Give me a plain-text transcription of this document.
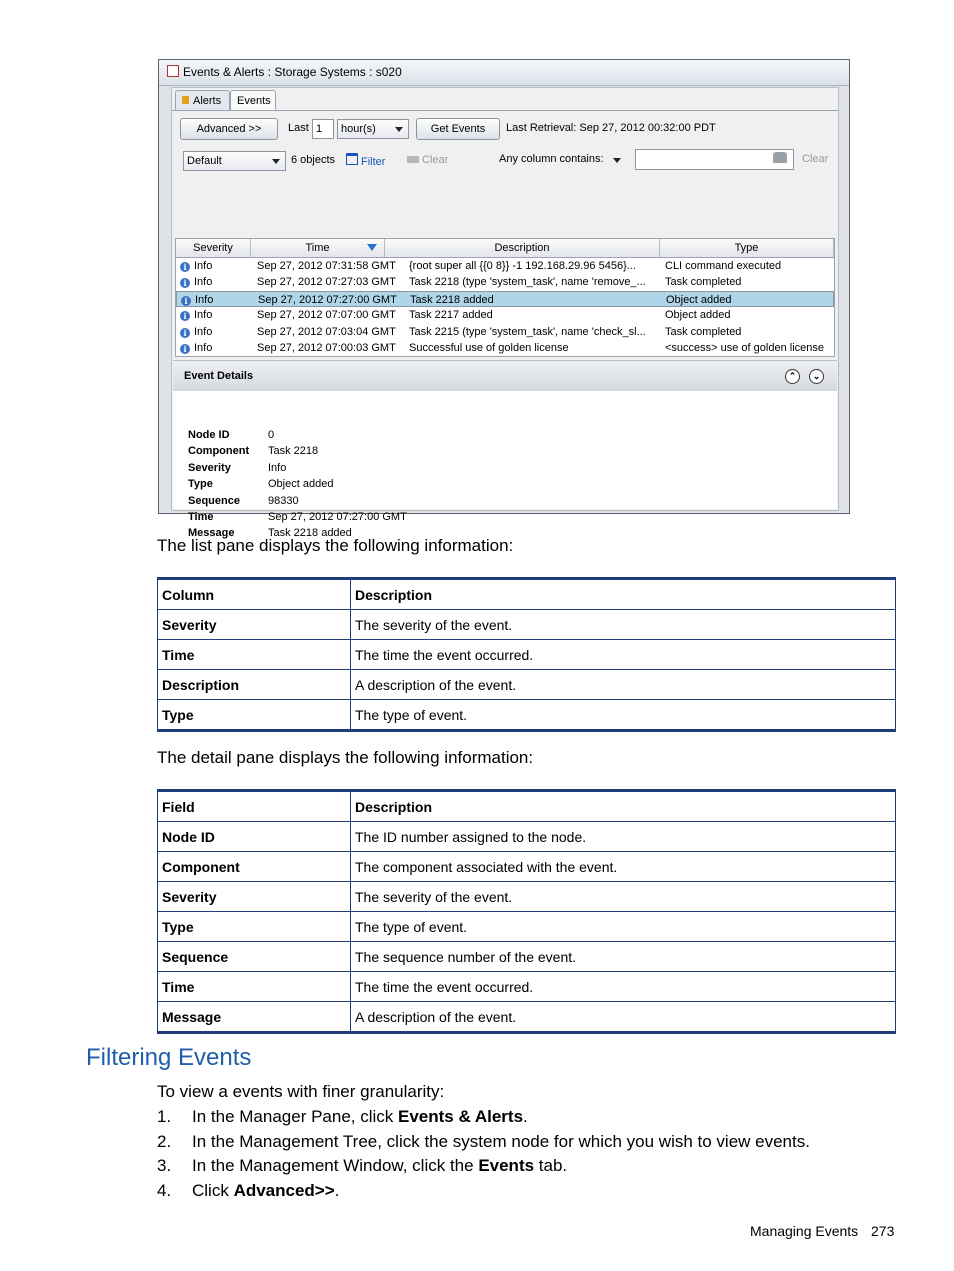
Events & Alerts : Storage Systems : s020
Alerts	Events
Advanced >>	Last 1	hour(s)	Get Events	Last Retrieval: Sep 27, 2012 00:32:00 PDT
Default	6 objects	Filter	Clear	Any column contains:	Clear
Severity	Time	Description	Type
i Info	Sep 27, 2012 07:31:58 GMT	{root super all {{0 8}} -1 192.168.29.96 5456}...	CLI command executed
i Info	Sep 27, 2012 07:27:03 GMT	Task 2218 (type 'system_task', name 'remove_...	Task completed
i Info	Sep 27, 2012 07:27:00 GMT	Task 2218 added	Object added
i Info	Sep 27, 2012 07:07:00 GMT	Task 2217 added	Object added
i Info	Sep 27, 2012 07:03:04 GMT	Task 2215 (type 'system_task', name 'check_sl...	Task completed
i Info	Sep 27, 2012 07:00:03 GMT	Successful use of golden license	<success> use of golden license
Event Details	⌃	⌄
Node ID	0
Component Task 2218
Severity	Info
Type	Object added
Sequence	98330
Time	Sep 27, 2012 07:27:00 GMT
Message	Task 2218 added
The list pane displays the following information:
Column	Description
Severity	The severity of the event.
Time	The time the event occurred.
Description	A description of the event.
Type	The type of event.
The detail pane displays the following information:
Field	Description
Node ID	The ID number assigned to the node.
Component	The component associated with the event.
Severity	The severity of the event.
Type	The type of event.
Sequence	The sequence number of the event.
Time	The time the event occurred.
Message	A description of the event.
Filtering Events
To view a events with finer granularity:
1. In the Manager Pane, click Events & Alerts.
2. In the Management Tree, click the system node for which you wish to view events.
3. In the Management Window, click the Events tab.
4. Click Advanced>>.
Managing Events 273
